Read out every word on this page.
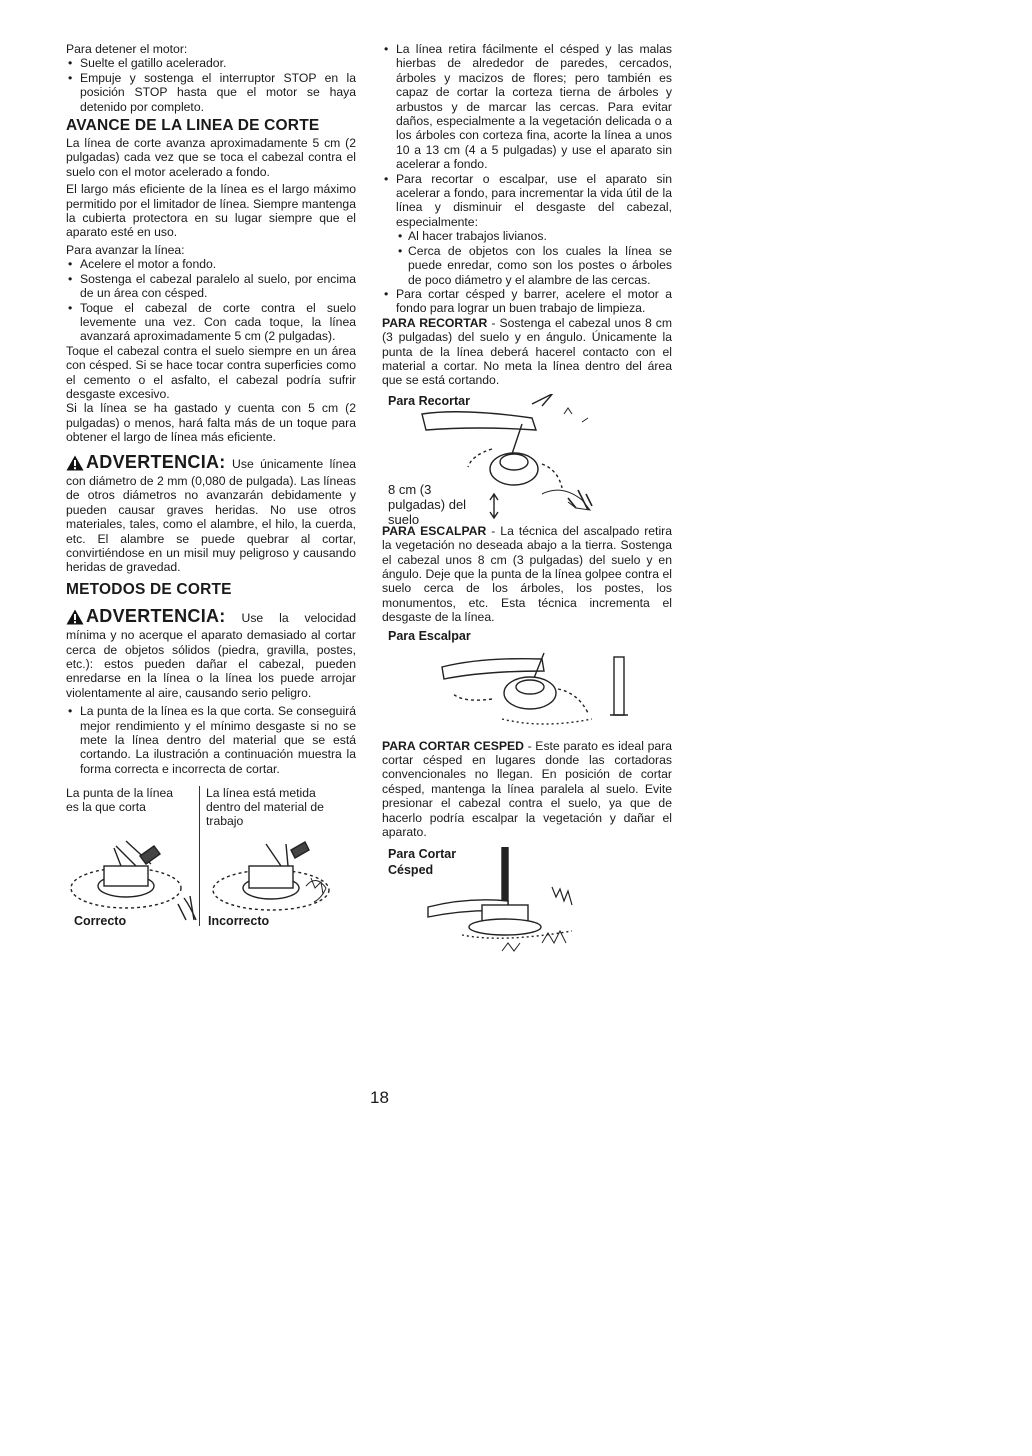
Para detener el motor:

• Suelte el gatillo acelerador.
• Empuje y sostenga el interruptor STOP en la posición STOP hasta que el motor se haya detenido por completo.
AVANCE DE LA LINEA DE CORTE

La línea de corte avanza aproximadamente 5 cm (2 pulgadas) cada vez que se toca el cabezal contra el suelo con el motor acelerado a fondo.

El largo más eficiente de la línea es el largo máximo permitido por el limitador de línea. Siempre mantenga la cubierta protectora en su lugar siempre que el aparato esté en uso.

Para avanzar la línea:

• Acelere el motor a fondo.
• Sostenga el cabezal paralelo al suelo, por encima de un área con césped.
• Toque el cabezal de corte contra el suelo levemente una vez. Con cada toque, la línea avanzará aproximadamente 5 cm (2 pulgadas).

Toque el cabezal contra el suelo siempre en un área con césped. Si se hace tocar contra superficies como el cemento o el asfalto, el cabezal podría sufrir desgaste excesivo.

Si la línea se ha gastado y cuenta con 5 cm (2 pulgadas) o menos, hará falta más de un toque para obtener el largo de línea más eficiente.

ADVERTENCIA: Use únicamente línea con diámetro de 2 mm (0,080 de pulgada). Las líneas de otros diámetros no avanzarán debidamente y pueden causar graves heridas. No use otros materiales, tales, como el alambre, el hilo, la cuerda, etc. El alambre se puede quebrar al cortar, convirtiéndose en un misil muy peligroso y causando heridas de gravedad.
METODOS DE CORTE
ADVERTENCIA: Use la velocidad mínima y no acerque el aparato demasiado al cortar cerca de objetos sólidos (piedra, gravilla, postes, etc.): estos pueden dañar el cabezal, pueden enredarse en la línea o la línea los puede arrojar violentamente al aire, causando serio peligro.
• La punta de la línea es la que corta. Se conseguirá mejor rendimiento y el mínimo desgaste si no se mete la línea dentro del material que se está cortando. La ilustración a continuación muestra la forma correcta e incorrecta de cortar.
La punta de la línea es la que corta
La línea está metida dentro del material de trabajo
Correcto	Incorrecto
• La línea retira fácilmente el césped y las malas hierbas de alrededor de paredes, cercados, árboles y macizos de flores; pero también es capaz de cortar la corteza tierna de árboles y arbustos y de marcar las cercas. Para evitar daños, especialmente a la vegetación delicada o a los árboles con corteza fina, acorte la línea a unos 10 a 13 cm (4 a 5 pulgadas) y use el aparato sin acelerar a fondo.
• Para recortar o escalpar, use el aparato sin acelerar a fondo, para incrementar la vida útil de la línea y disminuir el desgaste del cabezal, especialmente:
• Al hacer trabajos livianos.
• Cerca de objetos con los cuales la línea se puede enredar, como son los postes o árboles de poco diámetro y el alambre de las cercas.
• Para cortar césped y barrer, acelere el motor a fondo para lograr un buen trabajo de limpieza.

PARA RECORTAR - Sostenga el cabezal unos 8 cm (3 pulgadas) del suelo y en ángulo. Únicamente la punta de la línea deberá hacerel contacto con el material a cortar. No meta la línea dentro del área que se está cortando.

Para Recortar
8 cm (3 pulgadas) del suelo

PARA ESCALPAR - La técnica del ascalpado retira la vegetación no deseada abajo a la tierra. Sostenga el cabezal unos 8 cm (3 pulgadas) del suelo y en ángulo. Deje que la punta de la línea golpee contra el suelo cerca de los árboles, los postes, los monumentos, etc. Esta técnica incrementa el desgaste de la línea.

Para Escalpar

PARA CORTAR CESPED - Este parato es ideal para cortar césped en lugares donde las cortadoras convencionales no llegan. En posición de cortar césped, mantenga la línea paralela al suelo. Evite presionar el cabezal contra el suelo, ya que de hacerlo podría escalpar la vegetación y dañar el aparato.

Para Cortar
Césped
18
